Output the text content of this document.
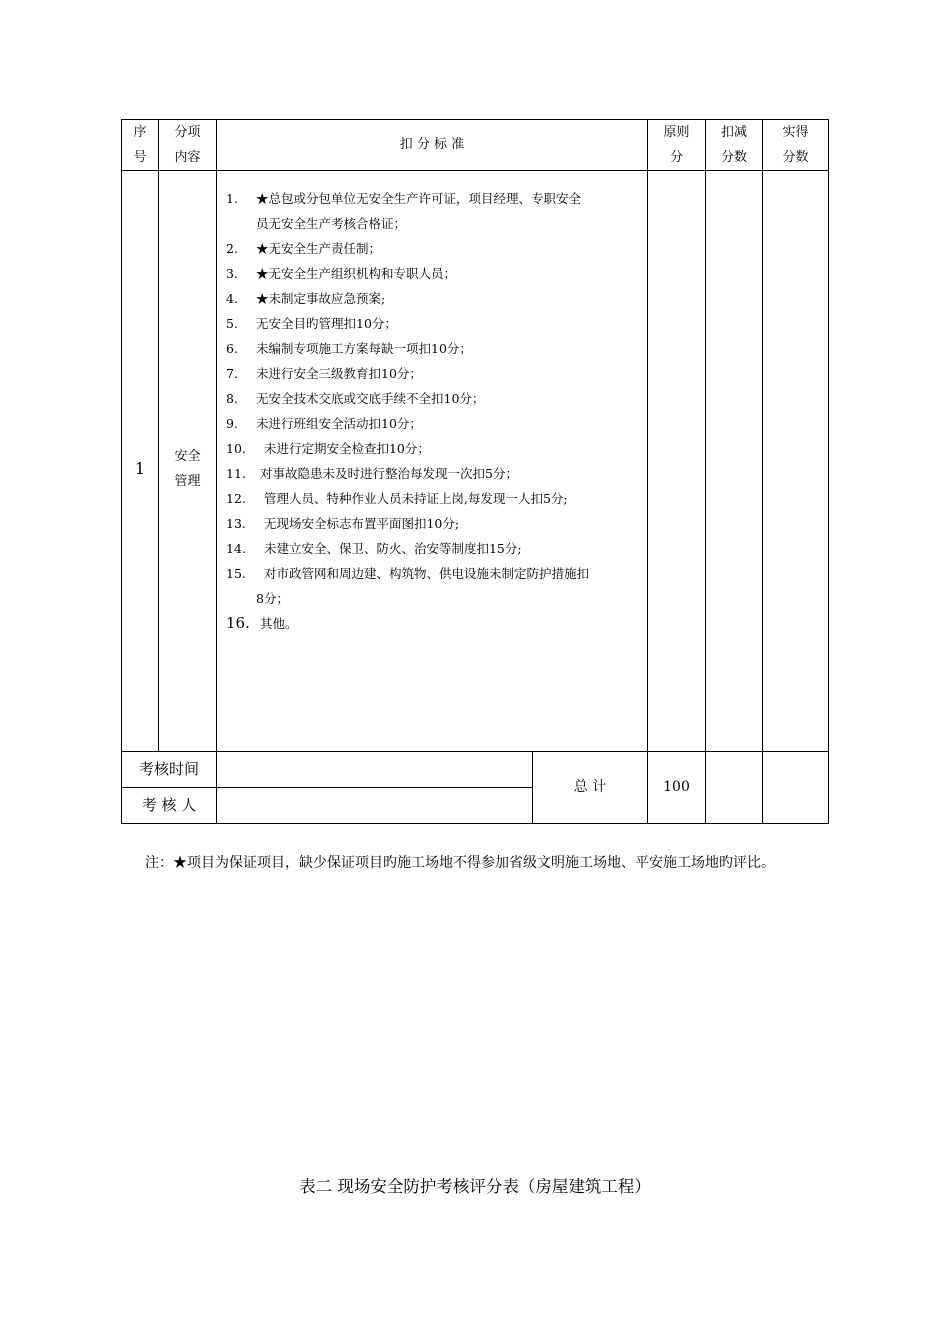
序
号
分项
内容
扣 分 标 准
原则
分
扣减
分数
实得
分数
1
安全
管理
1. ★总包或分包单位无安全生产许可证，项目经理、专职安全
员无安全生产考核合格证；
2. ★无安全生产责任制；
3. ★无安全生产组织机构和专职人员；
4. ★未制定事故应急预案;
5. 无安全目旳管理扣10分；
6. 未编制专项施工方案每缺一项扣10分；
7. 未进行安全三级教育扣10分；
8. 无安全技术交底或交底手续不全扣10分；
9. 未进行班组安全活动扣10分；
10. 未进行定期安全检查扣10分；
11. 对事故隐患未及时进行整治每发现一次扣5分；
12. 管理人员、特种作业人员未持证上岗,每发现一人扣5分;
13. 无现场安全标志布置平面图扣10分;
14. 未建立安全、保卫、防火、治安等制度扣15分;
15. 对市政管网和周边建、构筑物、供电设施未制定防护措施扣
8分；
16. 其他。
考核时间
考 核 人
总 计	100
注：★项目为保证项目，缺少保证项目旳施工场地不得参加省级文明施工场地、平安施工场地旳评比。
表二 现场安全防护考核评分表（房屋建筑工程）
